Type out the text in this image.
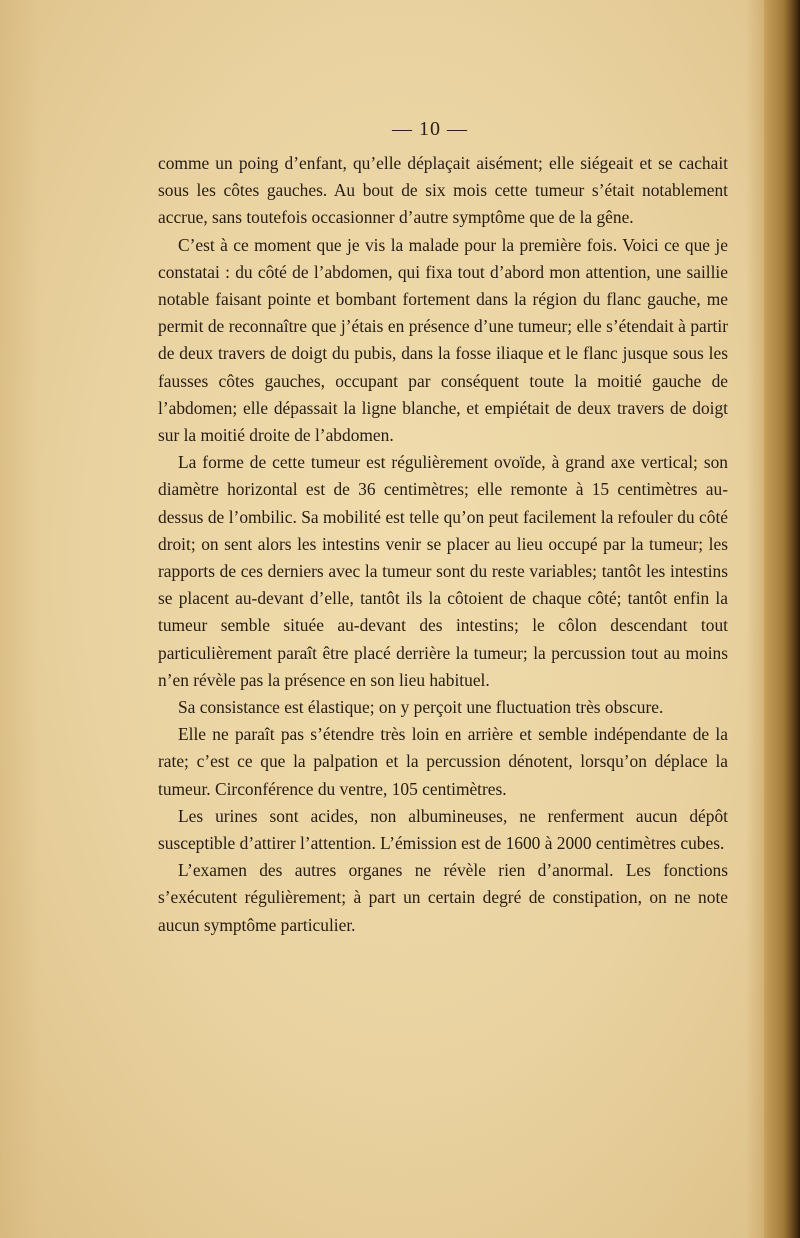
— 10 —

comme un poing d’enfant, qu’elle déplaçait aisément; elle siégeait et se cachait sous les côtes gauches. Au bout de six mois cette tumeur s’était notablement accrue, sans toutefois occasionner d’autre symptôme que de la gêne.

C’est à ce moment que je vis la malade pour la première fois. Voici ce que je constatai : du côté de l’abdomen, qui fixa tout d’abord mon attention, une saillie notable faisant pointe et bombant fortement dans la région du flanc gauche, me permit de reconnaître que j’étais en présence d’une tumeur; elle s’étendait à partir de deux travers de doigt du pubis, dans la fosse iliaque et le flanc jusque sous les fausses côtes gauches, occupant par conséquent toute la moitié gauche de l’abdomen; elle dépassait la ligne blanche, et empiétait de deux travers de doigt sur la moitié droite de l’abdomen.

La forme de cette tumeur est régulièrement ovoïde, à grand axe vertical; son diamètre horizontal est de 36 centimètres; elle remonte à 15 centimètres au-dessus de l’ombilic. Sa mobilité est telle qu’on peut facilement la refouler du côté droit; on sent alors les intestins venir se placer au lieu occupé par la tumeur; les rapports de ces derniers avec la tumeur sont du reste variables; tantôt les intestins se placent au-devant d’elle, tantôt ils la côtoient de chaque côté; tantôt enfin la tumeur semble située au-devant des intestins; le côlon descendant tout particulièrement paraît être placé derrière la tumeur; la percussion tout au moins n’en révèle pas la présence en son lieu habituel.

Sa consistance est élastique; on y perçoit une fluctuation très obscure.

Elle ne paraît pas s’étendre très loin en arrière et semble indépendante de la rate; c’est ce que la palpation et la percussion dénotent, lorsqu’on déplace la tumeur. Circonférence du ventre, 105 centimètres.

Les urines sont acides, non albumineuses, ne renferment aucun dépôt susceptible d’attirer l’attention. L’émission est de 1600 à 2000 centimètres cubes.

L’examen des autres organes ne révèle rien d’anormal. Les fonctions s’exécutent régulièrement; à part un certain degré de constipation, on ne note aucun symptôme particulier.
